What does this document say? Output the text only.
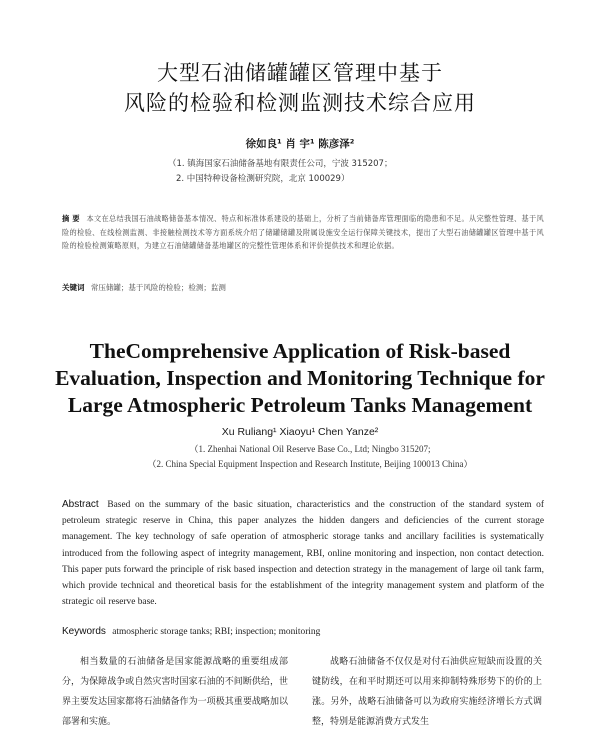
大型石油储罐罐区管理中基于
风险的检验和检测监测技术综合应用
徐如良¹ 肖 宇¹ 陈彦泽²
（1. 镇海国家石油储备基地有限责任公司，宁波 315207；
2. 中国特种设备检测研究院，北京 100029）
摘 要 本文在总结我国石油战略储备基本情况、特点和标准体系建设的基础上，分析了当前储备库管理面临的隐患和不足。从完整性管理、基于风险的检验、在线检测监测、非接触检测技术等方面系统介绍了储罐储罐及附属设施安全运行保障关键技术，提出了大型石油储罐罐区管理中基于风险的检验检测策略原则，为建立石油储罐储备基地罐区的完整性管理体系和评价提供技术和理论依据。
关键词 常压储罐；基于风险的检验；检测；监测
TheComprehensive Application of Risk-based
Evaluation, Inspection and Monitoring Technique for
Large Atmospheric Petroleum Tanks Management
Xu Ruliang¹ Xiaoyu¹ Chen Yanze²
（1. Zhenhai National Oil Reserve Base Co., Ltd; Ningbo 315207;
（2. China Special Equipment Inspection and Research Institute, Beijing 100013 China）
Abstract Based on the summary of the basic situation, characteristics and the construction of the standard system of petroleum strategic reserve in China, this paper analyzes the hidden dangers and deficiencies of the current storage management. The key technology of safe operation of atmospheric storage tanks and ancillary facilities is systematically introduced from the following aspect of integrity management, RBI, online monitoring and inspection, non contact detection. This paper puts forward the principle of risk based inspection and detection strategy in the management of large oil tank farm, which provide technical and theoretical basis for the establishment of the integrity management system and platform of the strategic oil reserve base.
Keywords atmospheric storage tanks; RBI; inspection; monitoring
相当数量的石油储备是国家能源战略的重要组成部分，为保障战争或自然灾害时国家石油的不间断供给，世界主要发达国家都将石油储备作为一项极其重要战略加以部署和实施。
战略石油储备不仅仅是对付石油供应短缺而设置的关键防线，在和平时期还可以用来抑制特殊形势下的价的上涨。另外，战略石油储备可以为政府实施经济增长方式调整，特别是能源消费方式发生
